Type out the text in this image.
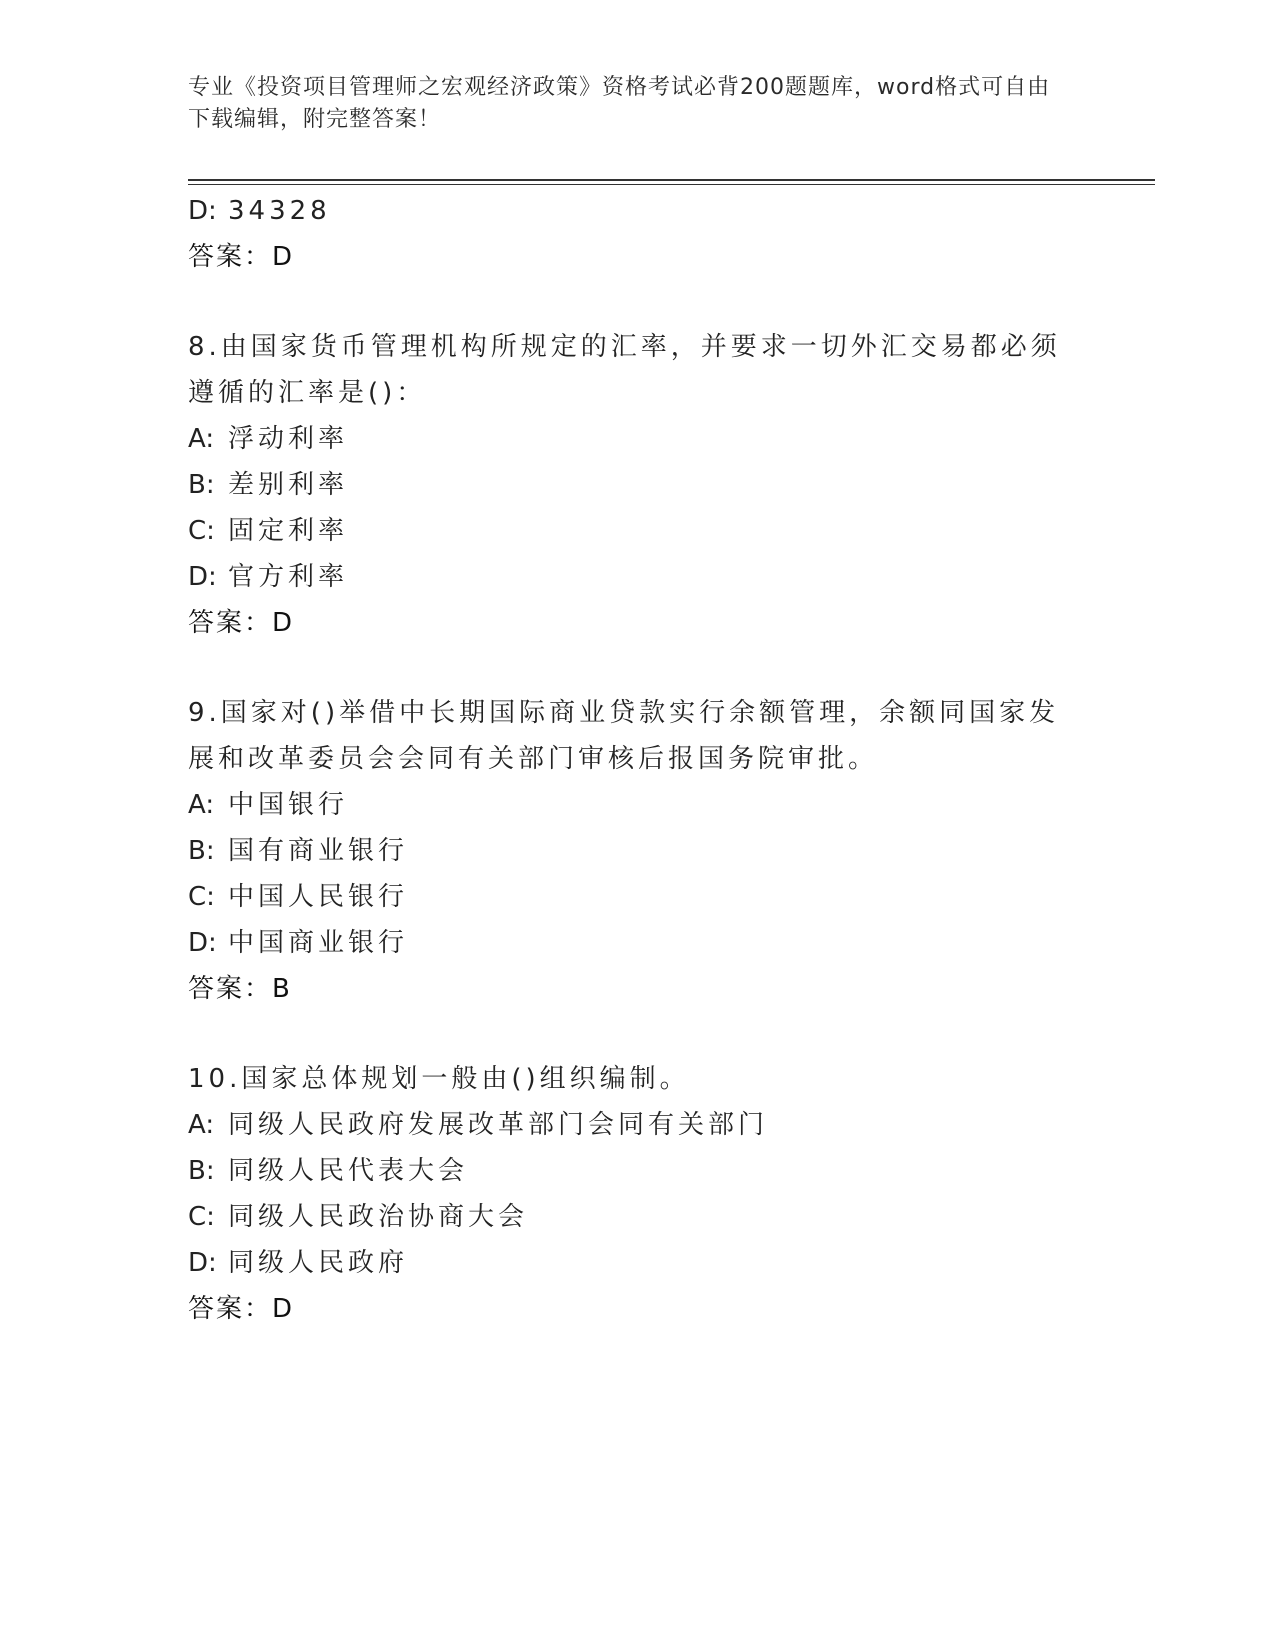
专业《投资项目管理师之宏观经济政策》资格考试必背200题题库，word格式可自由下载编辑，附完整答案！
D: 34328
答案：D
8.由国家货币管理机构所规定的汇率，并要求一切外汇交易都必须遵循的汇率是()：
A: 浮动利率
B: 差别利率
C: 固定利率
D: 官方利率
答案：D
9.国家对()举借中长期国际商业贷款实行余额管理，余额同国家发展和改革委员会会同有关部门审核后报国务院审批。
A: 中国银行
B: 国有商业银行
C: 中国人民银行
D: 中国商业银行
答案：B
10.国家总体规划一般由()组织编制。
A: 同级人民政府发展改革部门会同有关部门
B: 同级人民代表大会
C: 同级人民政治协商大会
D: 同级人民政府
答案：D
